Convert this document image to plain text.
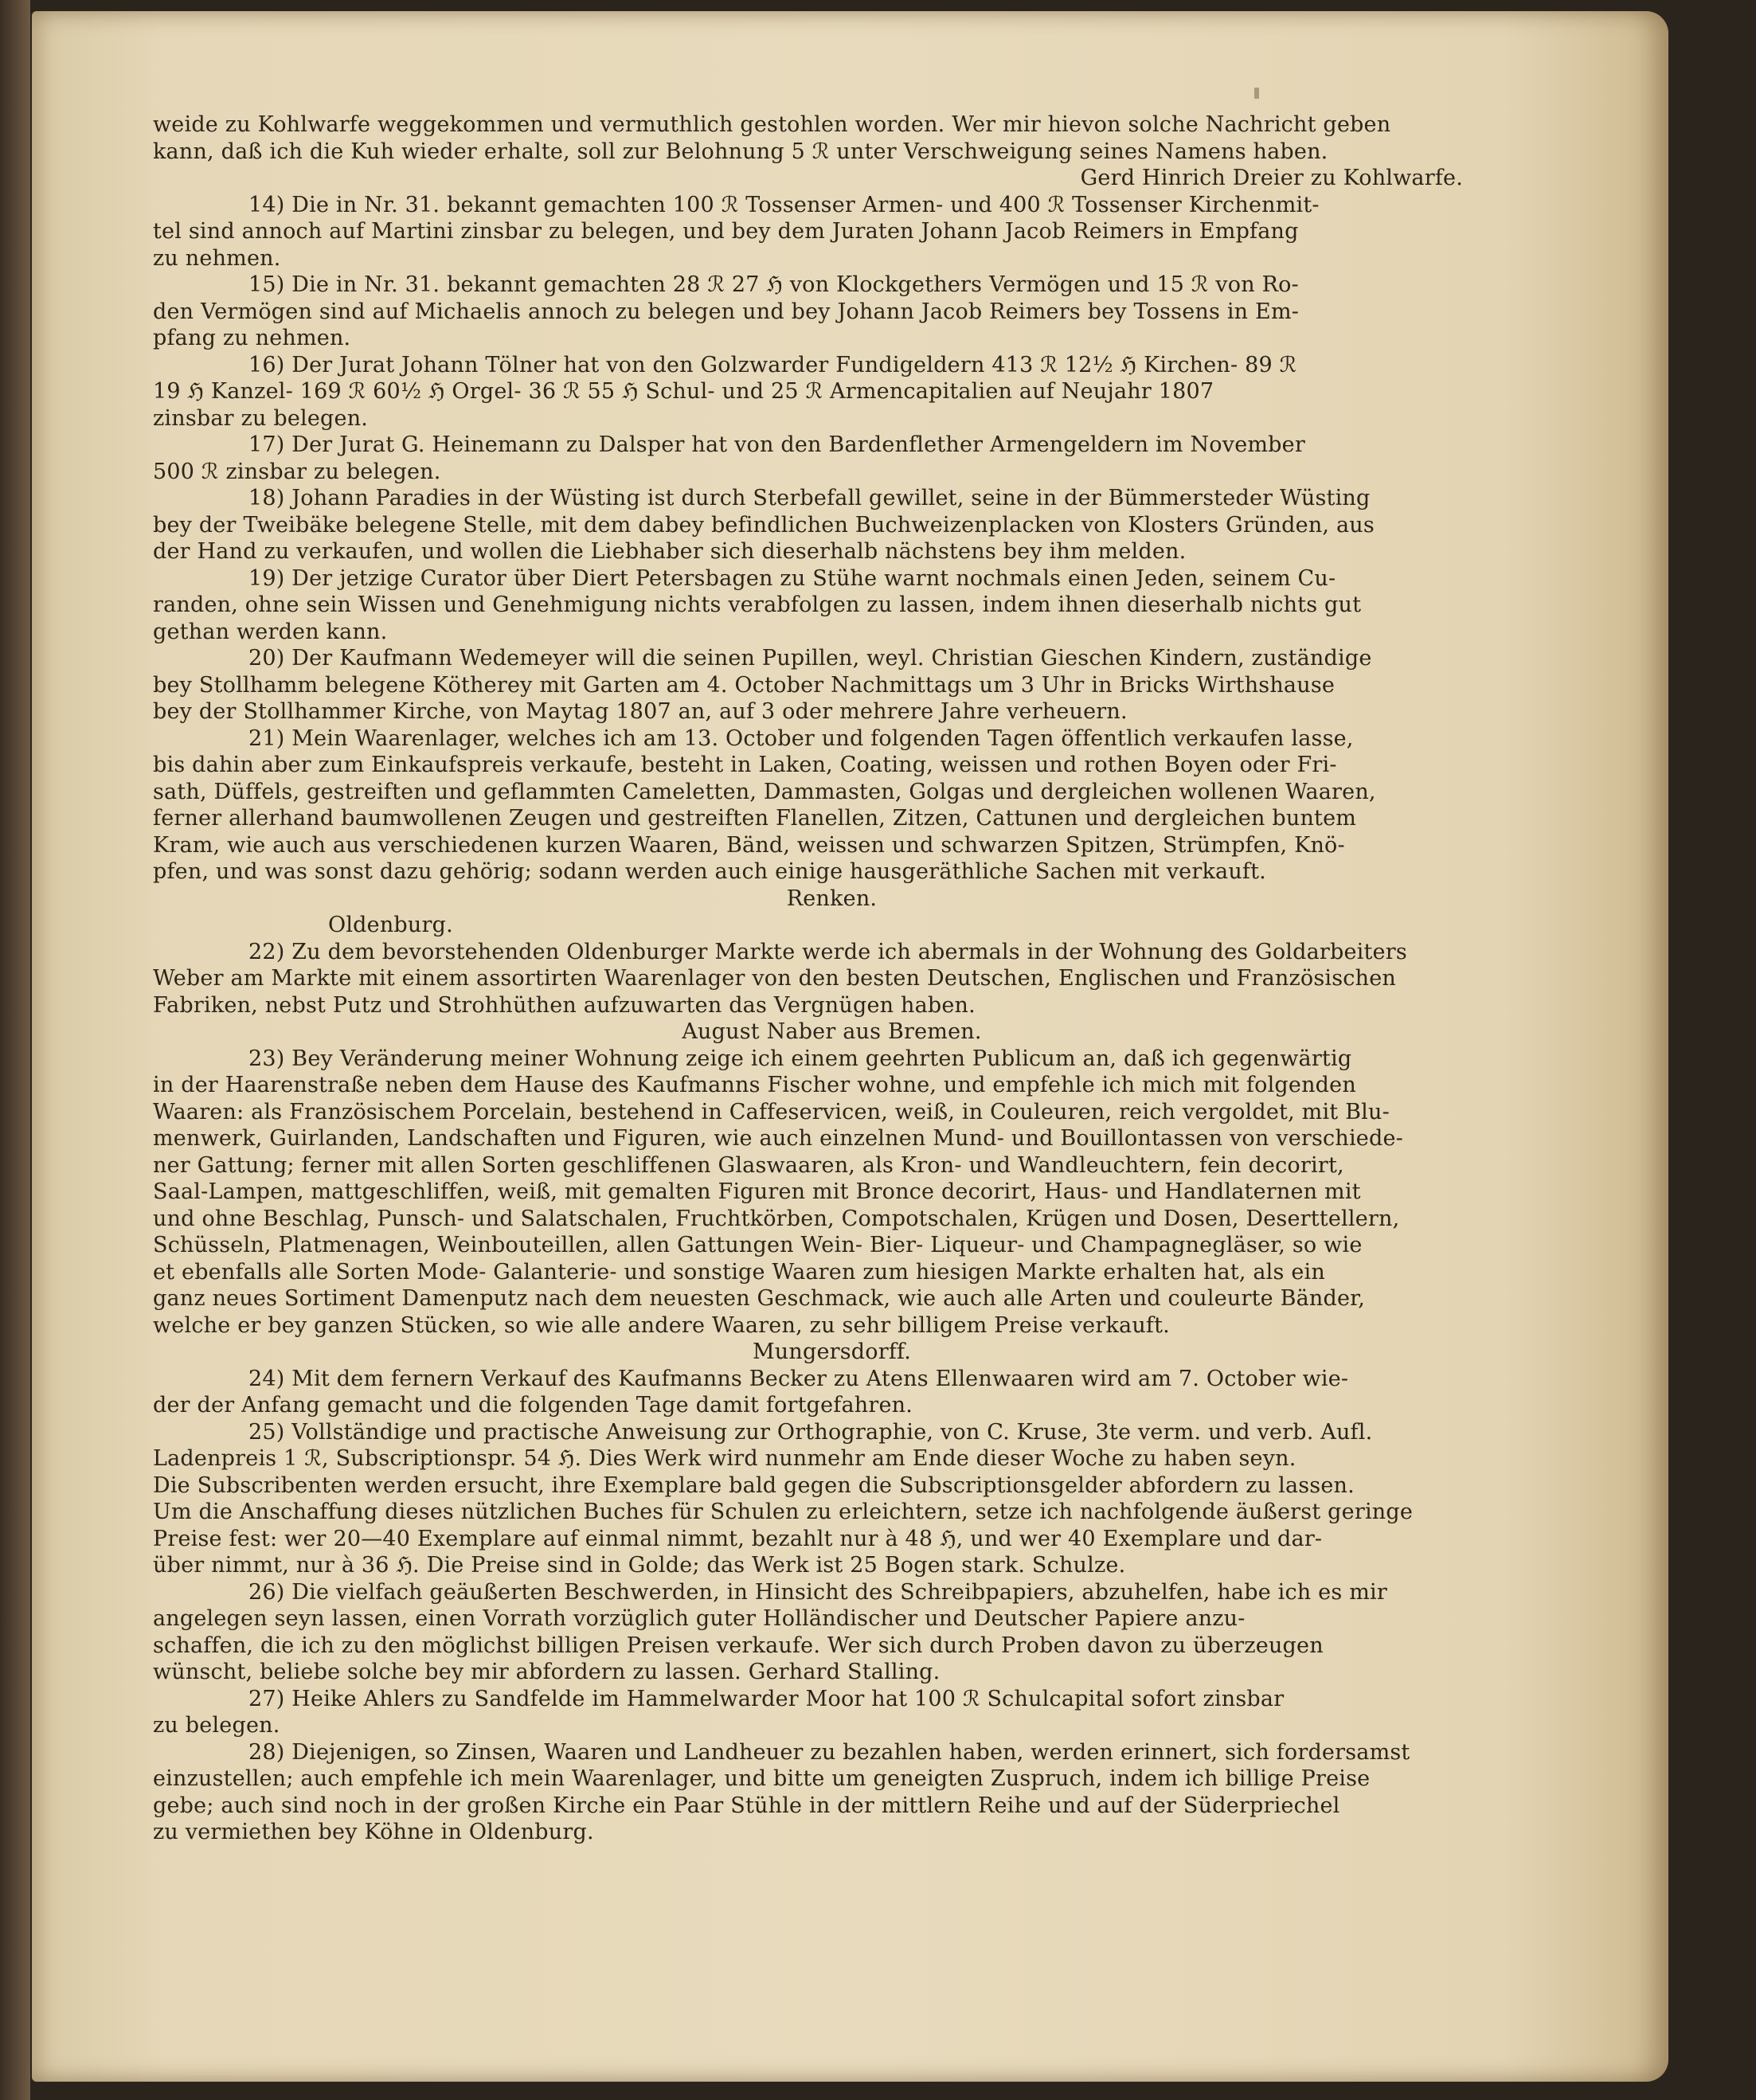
weide zu Kohlwarfe weggekommen und vermuthlich gestohlen worden. Wer mir hievon solche Nachricht geben

kann, daß ich die Kuh wieder erhalte, soll zur Belohnung 5 ℛ unter Verschweigung seines Namens haben.

Gerd Hinrich Dreier zu Kohlwarfe.

14) Die in Nr. 31. bekannt gemachten 100 ℛ Tossenser Armen- und 400 ℛ Tossenser Kirchenmit-

tel sind annoch auf Martini zinsbar zu belegen, und bey dem Juraten Johann Jacob Reimers in Empfang

zu nehmen.

15) Die in Nr. 31. bekannt gemachten 28 ℛ 27 ℌ von Klockgethers Vermögen und 15 ℛ von Ro-

den Vermögen sind auf Michaelis annoch zu belegen und bey Johann Jacob Reimers bey Tossens in Em-

pfang zu nehmen.

16) Der Jurat Johann Tölner hat von den Golzwarder Fundigeldern 413 ℛ 12½ ℌ Kirchen- 89 ℛ

19 ℌ Kanzel- 169 ℛ 60½ ℌ Orgel- 36 ℛ 55 ℌ Schul- und 25 ℛ Armencapitalien auf Neujahr 1807

zinsbar zu belegen.

17) Der Jurat G. Heinemann zu Dalsper hat von den Bardenflether Armengeldern im November

500 ℛ zinsbar zu belegen.

18) Johann Paradies in der Wüsting ist durch Sterbefall gewillet, seine in der Bümmersteder Wüsting

bey der Tweibäke belegene Stelle, mit dem dabey befindlichen Buchweizenplacken von Klosters Gründen, aus

der Hand zu verkaufen, und wollen die Liebhaber sich dieserhalb nächstens bey ihm melden.

19) Der jetzige Curator über Diert Petersbagen zu Stühe warnt nochmals einen Jeden, seinem Cu-

randen, ohne sein Wissen und Genehmigung nichts verabfolgen zu lassen, indem ihnen dieserhalb nichts gut

gethan werden kann.

20) Der Kaufmann Wedemeyer will die seinen Pupillen, weyl. Christian Gieschen Kindern, zuständige

bey Stollhamm belegene Kötherey mit Garten am 4. October Nachmittags um 3 Uhr in Bricks Wirthshause

bey der Stollhammer Kirche, von Maytag 1807 an, auf 3 oder mehrere Jahre verheuern.

21) Mein Waarenlager, welches ich am 13. October und folgenden Tagen öffentlich verkaufen lasse,

bis dahin aber zum Einkaufspreis verkaufe, besteht in Laken, Coating, weissen und rothen Boyen oder Fri-

sath, Düffels, gestreiften und geflammten Cameletten, Dammasten, Golgas und dergleichen wollenen Waaren,

ferner allerhand baumwollenen Zeugen und gestreiften Flanellen, Zitzen, Cattunen und dergleichen buntem

Kram, wie auch aus verschiedenen kurzen Waaren, Bänd, weissen und schwarzen Spitzen, Strümpfen, Knö-

pfen, und was sonst dazu gehörig; sodann werden auch einige hausgeräthliche Sachen mit verkauft.

Renken.

Oldenburg.

22) Zu dem bevorstehenden Oldenburger Markte werde ich abermals in der Wohnung des Goldarbeiters

Weber am Markte mit einem assortirten Waarenlager von den besten Deutschen, Englischen und Französischen

Fabriken, nebst Putz und Strohhüthen aufzuwarten das Vergnügen haben.

August Naber aus Bremen.

23) Bey Veränderung meiner Wohnung zeige ich einem geehrten Publicum an, daß ich gegenwärtig

in der Haarenstraße neben dem Hause des Kaufmanns Fischer wohne, und empfehle ich mich mit folgenden

Waaren: als Französischem Porcelain, bestehend in Caffeservicen, weiß, in Couleuren, reich vergoldet, mit Blu-

menwerk, Guirlanden, Landschaften und Figuren, wie auch einzelnen Mund- und Bouillontassen von verschiede-

ner Gattung; ferner mit allen Sorten geschliffenen Glaswaaren, als Kron- und Wandleuchtern, fein decorirt,

Saal-Lampen, mattgeschliffen, weiß, mit gemalten Figuren mit Bronce decorirt, Haus- und Handlaternen mit

und ohne Beschlag, Punsch- und Salatschalen, Fruchtkörben, Compotschalen, Krügen und Dosen, Deserttellern,

Schüsseln, Platmenagen, Weinbouteillen, allen Gattungen Wein- Bier- Liqueur- und Champagnegläser, so wie

et ebenfalls alle Sorten Mode- Galanterie- und sonstige Waaren zum hiesigen Markte erhalten hat, als ein

ganz neues Sortiment Damenputz nach dem neuesten Geschmack, wie auch alle Arten und couleurte Bänder,

welche er bey ganzen Stücken, so wie alle andere Waaren, zu sehr billigem Preise verkauft.

Mungersdorff.

24) Mit dem fernern Verkauf des Kaufmanns Becker zu Atens Ellenwaaren wird am 7. October wie-

der der Anfang gemacht und die folgenden Tage damit fortgefahren.

25) Vollständige und practische Anweisung zur Orthographie, von C. Kruse, 3te verm. und verb. Aufl.

Ladenpreis 1 ℛ, Subscriptionspr. 54 ℌ. Dies Werk wird nunmehr am Ende dieser Woche zu haben seyn.

Die Subscribenten werden ersucht, ihre Exemplare bald gegen die Subscriptionsgelder abfordern zu lassen.

Um die Anschaffung dieses nützlichen Buches für Schulen zu erleichtern, setze ich nachfolgende äußerst geringe

Preise fest: wer 20—40 Exemplare auf einmal nimmt, bezahlt nur à 48 ℌ, und wer 40 Exemplare und dar-

über nimmt, nur à 36 ℌ. Die Preise sind in Golde; das Werk ist 25 Bogen stark. Schulze.

26) Die vielfach geäußerten Beschwerden, in Hinsicht des Schreibpapiers, abzuhelfen, habe ich es mir

angelegen seyn lassen, einen Vorrath vorzüglich guter Holländischer und Deutscher Papiere anzu-

schaffen, die ich zu den möglichst billigen Preisen verkaufe. Wer sich durch Proben davon zu überzeugen

wünscht, beliebe solche bey mir abfordern zu lassen. Gerhard Stalling.

27) Heike Ahlers zu Sandfelde im Hammelwarder Moor hat 100 ℛ Schulcapital sofort zinsbar

zu belegen.

28) Diejenigen, so Zinsen, Waaren und Landheuer zu bezahlen haben, werden erinnert, sich fordersamst

einzustellen; auch empfehle ich mein Waarenlager, und bitte um geneigten Zuspruch, indem ich billige Preise

gebe; auch sind noch in der großen Kirche ein Paar Stühle in der mittlern Reihe und auf der Süderpriechel

zu vermiethen bey Köhne in Oldenburg.
